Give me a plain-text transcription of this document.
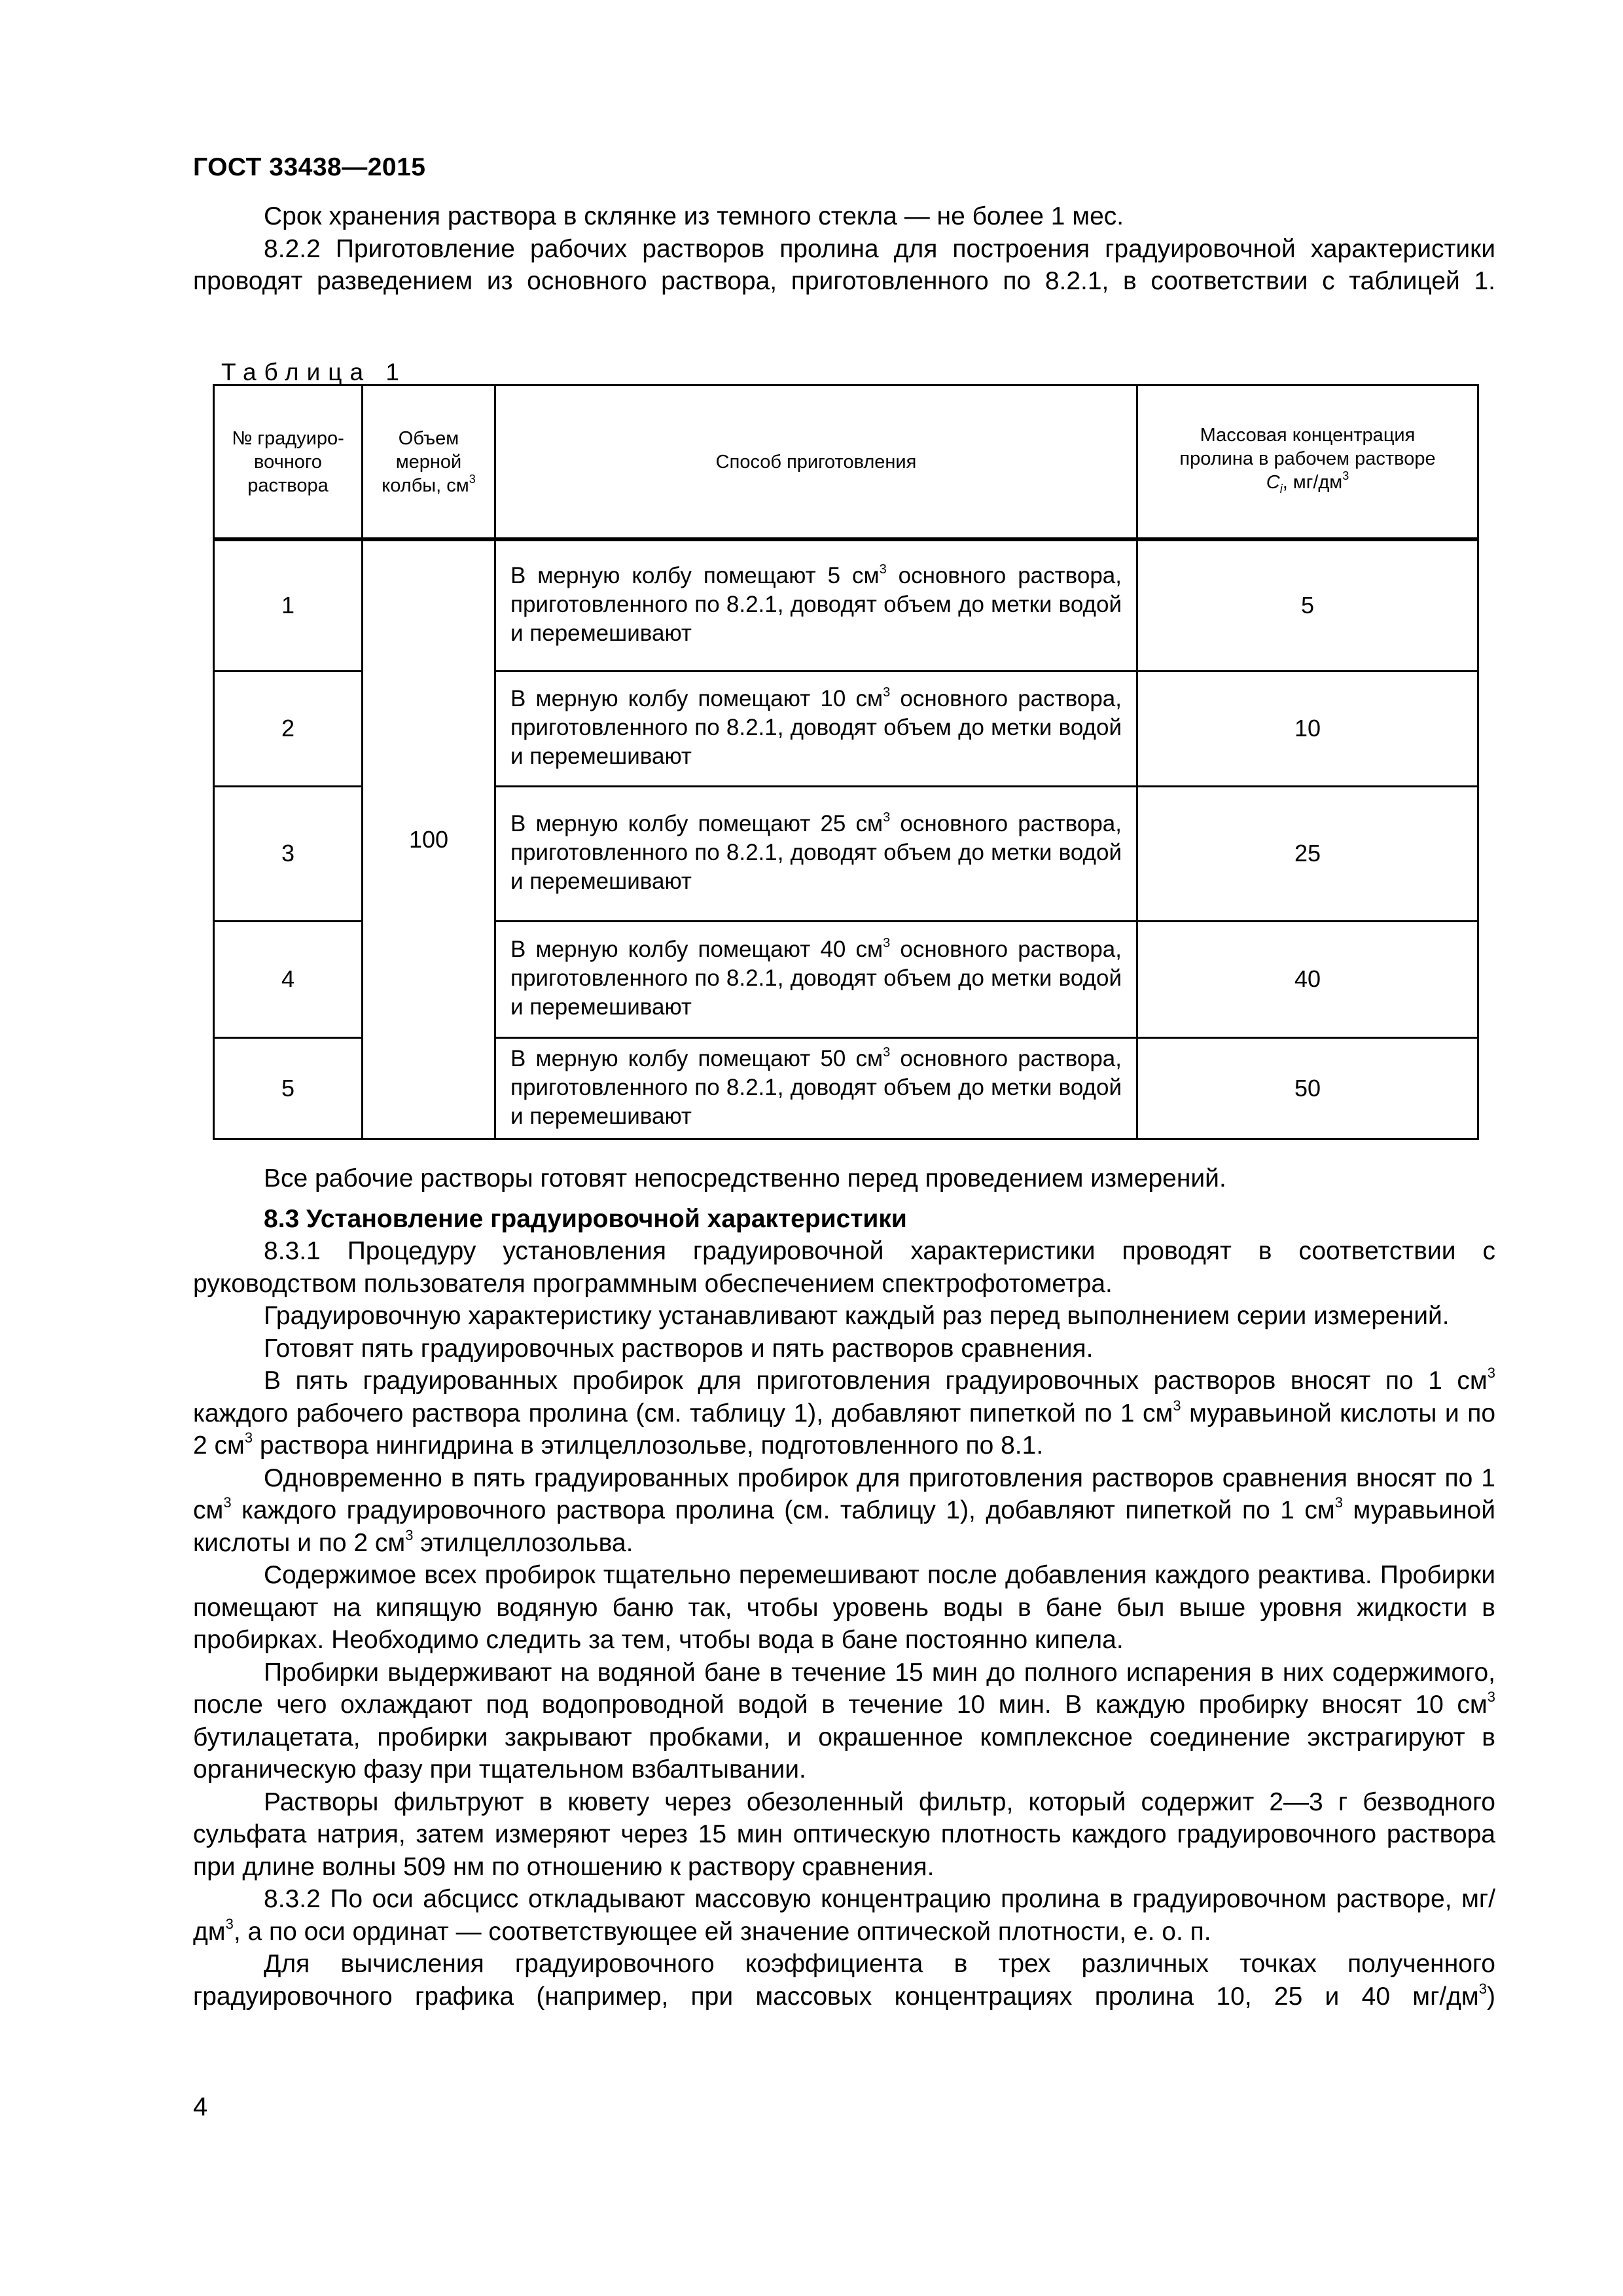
ГОСТ 33438—2015

Срок хранения раствора в склянке из темного стекла — не более 1 мес.

8.2.2 Приготовление рабочих растворов пролина для построения градуировочной характеристики проводят разведением из основного раствора, приготовленного по 8.2.1, в соответствии с таблицей 1.

Таблица 1
№ градуиро-вочного раствора	Объем мерной колбы, $см^3$	Способ приготовления	Массовая концентрация
пролина в рабочем растворе
$C_i$, $мг/дм^3$
1	100	В мерную колбу помещают 5 $см^3$ основного раствора, приготовленного по 8.2.1, доводят объем до метки водой и перемешивают	5
2		В мерную колбу помещают 10 $см^3$ основного раствора, приготовленного по 8.2.1, доводят объем до метки водой и перемешивают	10
3		В мерную колбу помещают 25 $см^3$ основного раствора, приготовленного по 8.2.1, доводят объем до метки водой и перемешивают	25
4		В мерную колбу помещают 40 $см^3$ основного раствора, приготовленного по 8.2.1, доводят объем до метки водой и перемешивают	40
5		В мерную колбу помещают 50 $см^3$ основного раствора, приготовленного по 8.2.1, доводят объем до метки водой и перемешивают	50

Все рабочие растворы готовят непосредственно перед проведением измерений.

8.3 Установление градуировочной характеристики

8.3.1 Процедуру установления градуировочной характеристики проводят в соответствии с руководством пользователя программным обеспечением спектрофотометра.

Градуировочную характеристику устанавливают каждый раз перед выполнением серии измерений.

Готовят пять градуировочных растворов и пять растворов сравнения.

В пять градуированных пробирок для приготовления градуировочных растворов вносят по 1 $см^3$ каждого рабочего раствора пролина (см. таблицу 1), добавляют пипеткой по 1 $см^3$ муравьиной кислоты и по 2 $см^3$ раствора нингидрина в этилцеллозольве, подготовленного по 8.1.

Одновременно в пять градуированных пробирок для приготовления растворов сравнения вносят по 1 $см^3$ каждого градуировочного раствора пролина (см. таблицу 1), добавляют пипеткой по 1 $см^3$ муравьиной кислоты и по 2 $см^3$ этилцеллозольва.

Содержимое всех пробирок тщательно перемешивают после добавления каждого реактива. Пробирки помещают на кипящую водяную баню так, чтобы уровень воды в бане был выше уровня жидкости в пробирках. Необходимо следить за тем, чтобы вода в бане постоянно кипела.

Пробирки выдерживают на водяной бане в течение 15 мин до полного испарения в них содержимого, после чего охлаждают под водопроводной водой в течение 10 мин. В каждую пробирку вносят 10 $см^3$ бутилацетата, пробирки закрывают пробками, и окрашенное комплексное соединение экстрагируют в органическую фазу при тщательном взбалтывании.

Растворы фильтруют в кювету через обезоленный фильтр, который содержит 2—3 г безводного сульфата натрия, затем измеряют через 15 мин оптическую плотность каждого градуировочного раствора при длине волны 509 нм по отношению к раствору сравнения.

8.3.2 По оси абсцисс откладывают массовую концентрацию пролина в градуировочном растворе, $мг/дм^3$, а по оси ординат — соответствующее ей значение оптической плотности, е. о. п.

Для вычисления градуировочного коэффициента в трех различных точках полученного градуировочного графика (например, при массовых концентрациях пролина 10, 25 и 40 $мг/дм^3$)

4
